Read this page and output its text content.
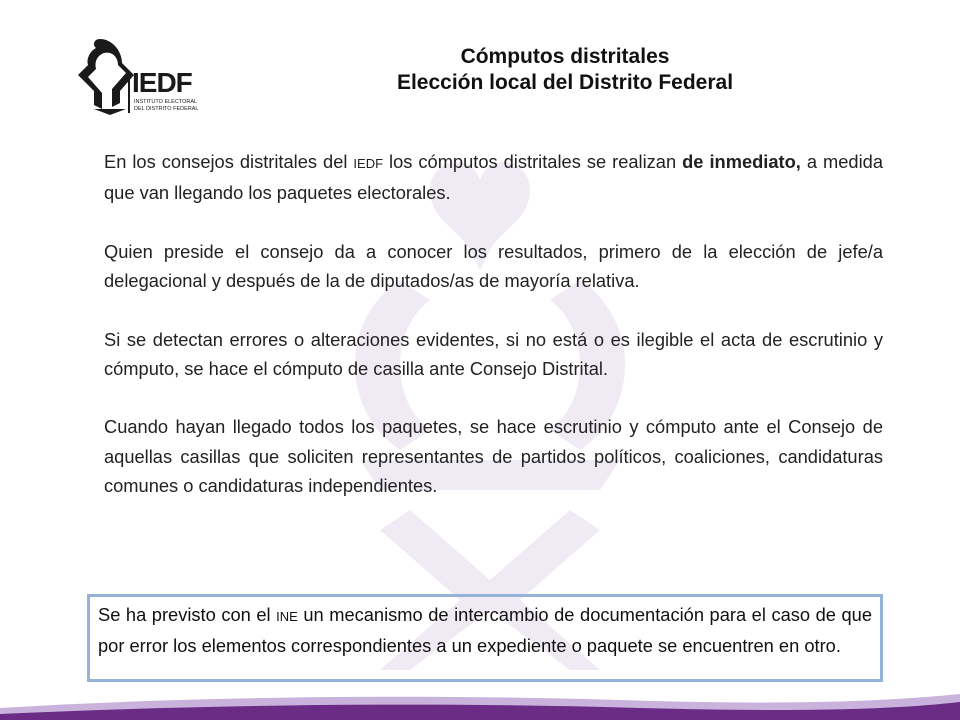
IEDF
INSTITUTO ELECTORAL
DEL DISTRITO FEDERAL
Cómputos distritales
Elección local del Distrito Federal

En los consejos distritales del IEDF los cómputos distritales se realizan de inmediato, a medida que van llegando los paquetes electorales.

Quien preside el consejo da a conocer los resultados, primero de la elección de jefe/a delegacional y después de la de diputados/as de mayoría relativa.

Si se detectan errores o alteraciones evidentes, si no está o es ilegible el acta de escrutinio y cómputo, se hace el cómputo de casilla ante Consejo Distrital.

Cuando hayan llegado todos los paquetes, se hace escrutinio y cómputo ante el Consejo de aquellas casillas que soliciten representantes de partidos políticos, coaliciones, candidaturas comunes o candidaturas independientes.

Se ha previsto con el INE un mecanismo de intercambio de documentación para el caso de que por error los elementos correspondientes a un expediente o paquete se encuentren en otro.
